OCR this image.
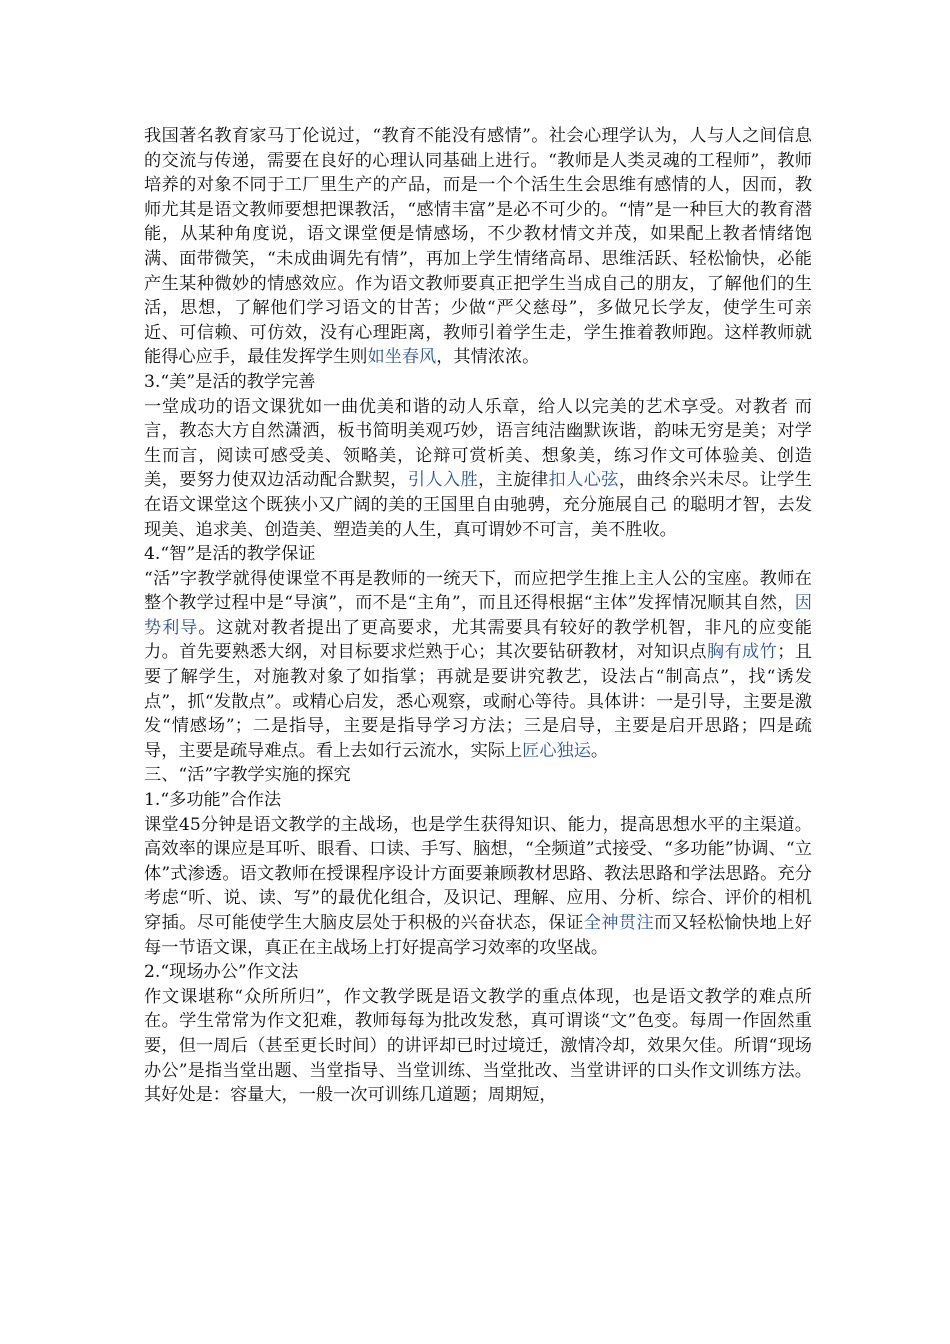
我国著名教育家马丁伦说过，“教育不能没有感情”。社会心理学认为，人与人之间信息的交流与传递，需要在良好的心理认同基础上进行。“教师是人类灵魂的工程师”，教师培养的对象不同于工厂里生产的产品，而是一个个活生生会思维有感情的人，因而，教师尤其是语文教师要想把课教活，“感情丰富”是必不可少的。“情”是一种巨大的教育潜能，从某种角度说，语文课堂便是情感场，不少教材情文并茂，如果配上教者情绪饱满、面带微笑，“未成曲调先有情”，再加上学生情绪高昂、思维活跃、轻松愉快，必能产生某种微妙的情感效应。作为语文教师要真正把学生当成自己的朋友，了解他们的生活，思想，了解他们学习语文的甘苦；少做“严父慈母”，多做兄长学友，使学生可亲近、可信赖、可仿效，没有心理距离，教师引着学生走，学生推着教师跑。这样教师就能得心应手，最佳发挥学生则如坐春风，其情浓浓。

3.“美”是活的教学完善

一堂成功的语文课犹如一曲优美和谐的动人乐章，给人以完美的艺术享受。对教者 而言，教态大方自然潇洒，板书简明美观巧妙，语言纯洁幽默诙谐，韵味无穷是美；对学生而言，阅读可感受美、领略美，论辩可赏析美、想象美，练习作文可体验美、创造美，要努力使双边活动配合默契，引人入胜，主旋律扣人心弦，曲终余兴未尽。让学生在语文课堂这个既狭小又广阔的美的王国里自由驰骋，充分施展自己 的聪明才智，去发现美、追求美、创造美、塑造美的人生，真可谓妙不可言，美不胜收。

4.“智”是活的教学保证

“活”字教学就得使课堂不再是教师的一统天下，而应把学生推上主人公的宝座。教师在整个教学过程中是“导演”，而不是“主角”，而且还得根据“主体”发挥情况顺其自然，因势利导。这就对教者提出了更高要求，尤其需要具有较好的教学机智，非凡的应变能力。首先要熟悉大纲，对目标要求烂熟于心；其次要钻研教材，对知识点胸有成竹；且要了解学生，对施教对象了如指掌；再就是要讲究教艺，设法占“制高点”，找“诱发点”，抓“发散点”。或精心启发，悉心观察，或耐心等待。具体讲：一是引导，主要是激发“情感场”；二是指导，主要是指导学习方法；三是启导，主要是启开思路；四是疏导，主要是疏导难点。看上去如行云流水，实际上匠心独运。

三、“活”字教学实施的探究

1.“多功能”合作法

课堂45分钟是语文教学的主战场，也是学生获得知识、能力，提高思想水平的主渠道。高效率的课应是耳听、眼看、口读、手写、脑想，“全频道”式接受、“多功能”协调、“立体”式渗透。语文教师在授课程序设计方面要兼顾教材思路、教法思路和学法思路。充分考虑“听、说、读、写”的最优化组合，及识记、理解、应用、分析、综合、评价的相机穿插。尽可能使学生大脑皮层处于积极的兴奋状态，保证全神贯注而又轻松愉快地上好每一节语文课，真正在主战场上打好提高学习效率的攻坚战。

2.“现场办公”作文法

作文课堪称“众所所归”，作文教学既是语文教学的重点体现，也是语文教学的难点所在。学生常常为作文犯难，教师每每为批改发愁，真可谓谈“文”色变。每周一作固然重要，但一周后（甚至更长时间）的讲评却已时过境迁，激情冷却，效果欠佳。所谓“现场办公”是指当堂出题、当堂指导、当堂训练、当堂批改、当堂讲评的口头作文训练方法。其好处是：容量大，一般一次可训练几道题；周期短，
